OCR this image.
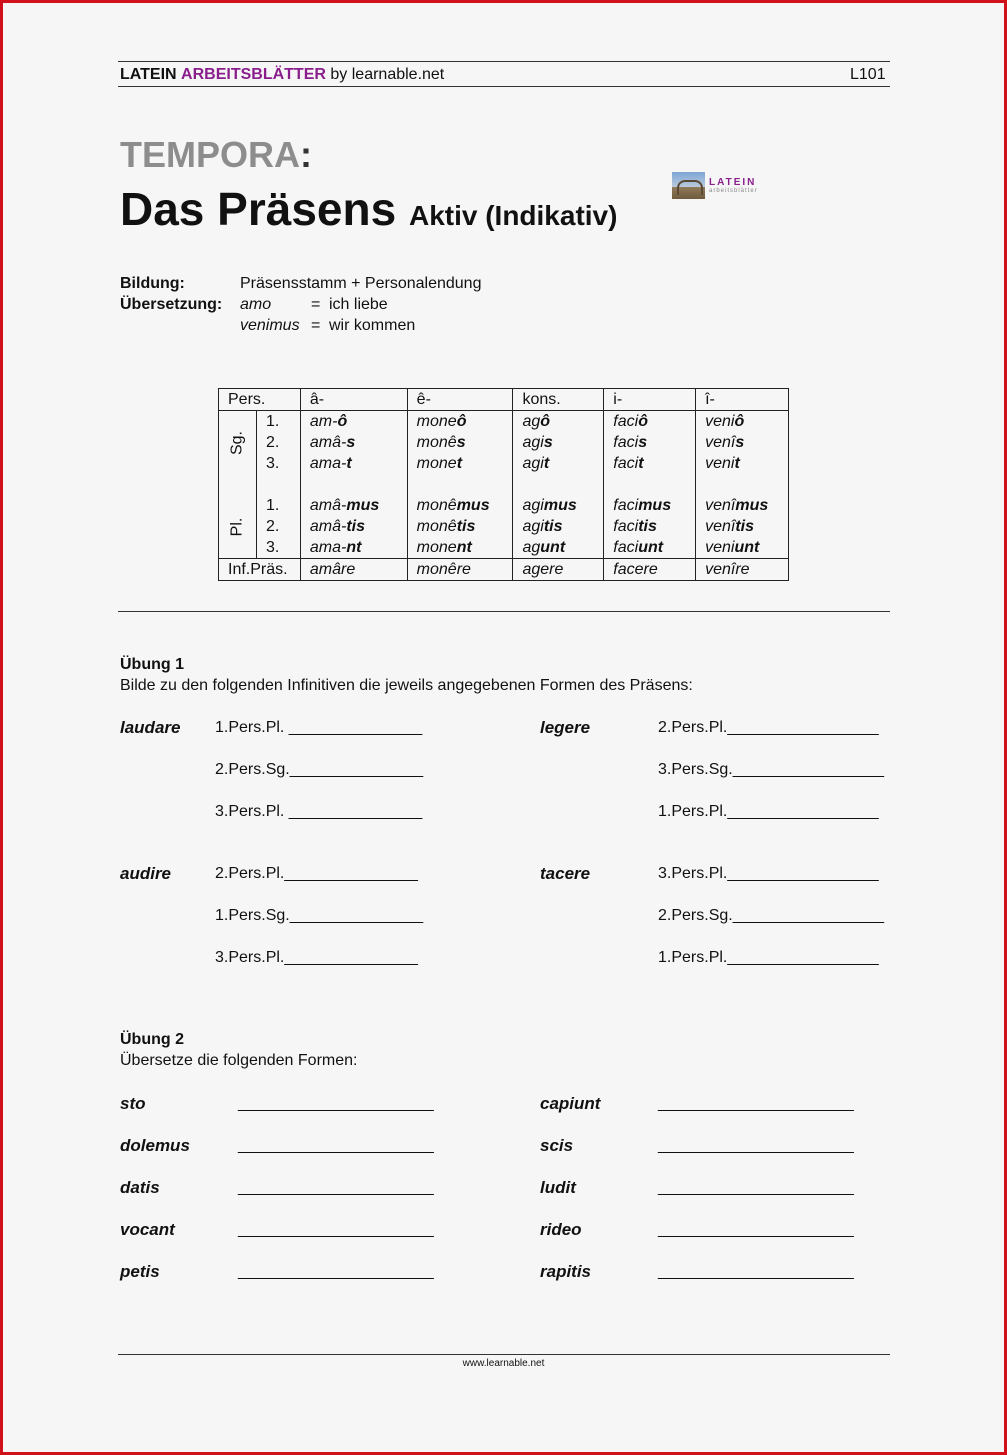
LATEIN ARBEITSBLÄTTER by learnable.net	L101
TEMPORA:
Das Präsens Aktiv (Indikativ)
LATEIN
arbeitsblätter
Bildung:	Präsensstamm + Personalendung
Übersetzung: amo = ich liebe
venimus = wir kommen
Pers.		â-	ê-	kons.	i-	î-

Sg.	1.	am-ô	moneô	agô	faciô	veniô
	2.	amâ-s	monês	agis	facis	venîs
	3.	ama-t	monet	agit	facit	venit

Pl.	1.	amâ-mus	monêmus	agimus	facimus	venîmus
	2.	amâ-tis	monêtis	agitis	facitis	venîtis
	3.	ama-nt	monent	agunt	faciunt	veniunt
Inf.Präs.		amâre	monêre	agere	facere	venîre
Übung 1
Bilde zu den folgenden Infinitiven die jeweils angegebenen Formen des Präsens:
laudare 1.Pers.Pl. _______________
2.Pers.Sg._______________
3.Pers.Pl. _______________
legere	2.Pers.Pl._________________
3.Pers.Sg._________________
1.Pers.Pl._________________
audire	2.Pers.Pl._______________
1.Pers.Sg._______________
3.Pers.Pl._______________
tacere	3.Pers.Pl._________________
2.Pers.Sg._________________
1.Pers.Pl._________________
Übung 2
Übersetze die folgenden Formen:
sto	______________________
dolemus	______________________
datis	______________________
vocant	______________________
petis	______________________
capiunt	______________________
scis	______________________
ludit	______________________
rideo	______________________
rapitis	______________________
www.learnable.net
